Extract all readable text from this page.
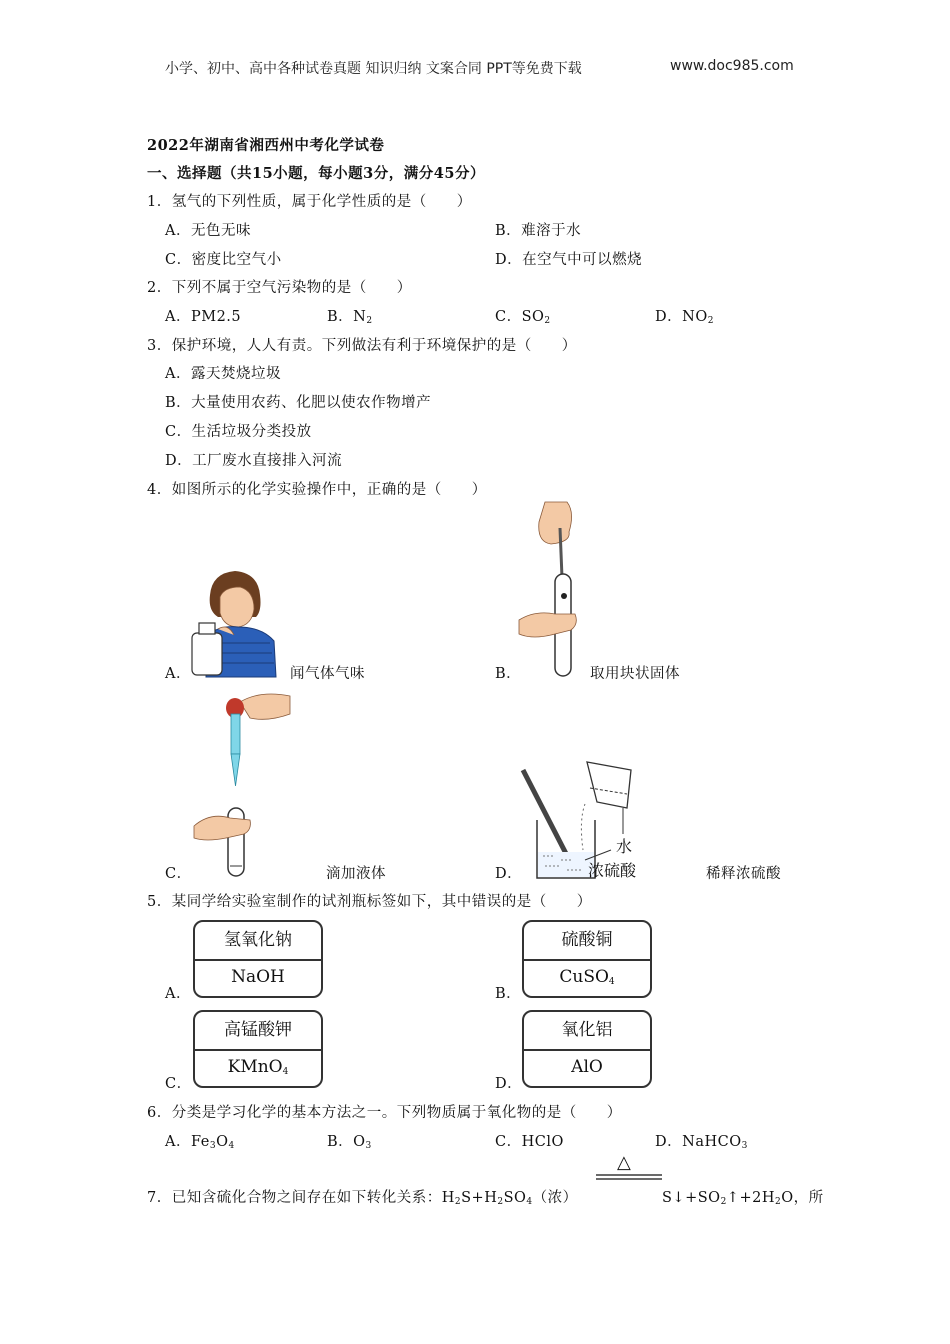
小学、初中、高中各种试卷真题 知识归纳 文案合同 PPT等免费下载	www.doc985.com
2022年湖南省湘西州中考化学试卷
一、选择题（共15小题，每小题3分，满分45分）
1．氢气的下列性质，属于化学性质的是（　　）
A．无色无味	B．难溶于水
C．密度比空气小	D．在空气中可以燃烧
2．下列不属于空气污染物的是（　　）
A．PM2.5	B．$N_2$	C．$SO_2$	D．$NO_2$
3．保护环境，人人有责。下列做法有利于环境保护的是（　　）
A．露天焚烧垃圾
B．大量使用农药、化肥以使农作物增产
C．生活垃圾分类投放
D．工厂废水直接排入河流
4．如图所示的化学实验操作中，正确的是（　　）
A．	闻气体气味	B．	取用块状固体
C．	滴加液体
水
浓硫酸
D．	稀释浓硫酸
5．某同学给实验室制作的试剂瓶标签如下，其中错误的是（　　）
A．
氢氧化钠
NaOH
B．
硫酸铜
CuSO$_4$
C．
高锰酸钾
KMnO$_4$
D．
氧化铝
AlO
6．分类是学习化学的基本方法之一。下列物质属于氧化物的是（　　）
A．$Fe_3O_4$	B．$O_3$	C．HClO	D．NaHCO$_3$
△
7．已知含硫化合物之间存在如下转化关系：$H_2S+H_2SO_4$（浓）	$S↓+SO_2↑+2H_2O$，所
